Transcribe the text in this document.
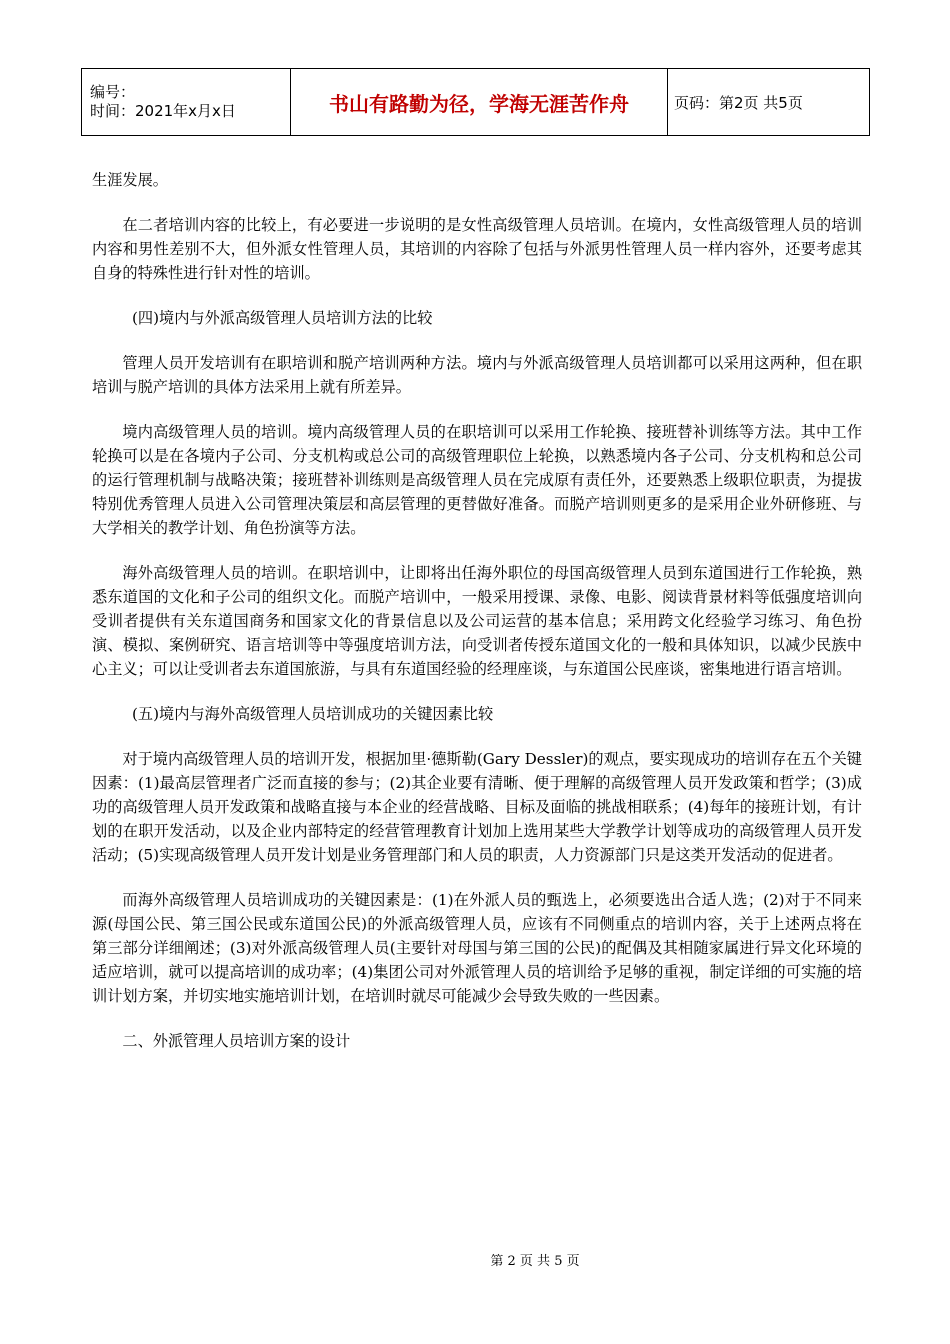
编号：
时间：2021年x月x日	书山有路勤为径，学海无涯苦作舟	页码：第2页 共5页

生涯发展。

在二者培训内容的比较上，有必要进一步说明的是女性高级管理人员培训。在境内，女性高级管理人员的培训内容和男性差别不大，但外派女性管理人员，其培训的内容除了包括与外派男性管理人员一样内容外，还要考虑其自身的特殊性进行针对性的培训。

(四)境内与外派高级管理人员培训方法的比较

管理人员开发培训有在职培训和脱产培训两种方法。境内与外派高级管理人员培训都可以采用这两种，但在职培训与脱产培训的具体方法采用上就有所差异。

境内高级管理人员的培训。境内高级管理人员的在职培训可以采用工作轮换、接班替补训练等方法。其中工作轮换可以是在各境内子公司、分支机构或总公司的高级管理职位上轮换，以熟悉境内各子公司、分支机构和总公司的运行管理机制与战略决策；接班替补训练则是高级管理人员在完成原有责任外，还要熟悉上级职位职责，为提拔特别优秀管理人员进入公司管理决策层和高层管理的更替做好准备。而脱产培训则更多的是采用企业外研修班、与大学相关的教学计划、角色扮演等方法。

海外高级管理人员的培训。在职培训中，让即将出任海外职位的母国高级管理人员到东道国进行工作轮换，熟悉东道国的文化和子公司的组织文化。而脱产培训中，一般采用授课、录像、电影、阅读背景材料等低强度培训向受训者提供有关东道国商务和国家文化的背景信息以及公司运营的基本信息；采用跨文化经验学习练习、角色扮演、模拟、案例研究、语言培训等中等强度培训方法，向受训者传授东道国文化的一般和具体知识，以减少民族中心主义；可以让受训者去东道国旅游，与具有东道国经验的经理座谈，与东道国公民座谈，密集地进行语言培训。

(五)境内与海外高级管理人员培训成功的关键因素比较

对于境内高级管理人员的培训开发，根据加里·德斯勒(Gary Dessler)的观点，要实现成功的培训存在五个关键因素：(1)最高层管理者广泛而直接的参与；(2)其企业要有清晰、便于理解的高级管理人员开发政策和哲学；(3)成功的高级管理人员开发政策和战略直接与本企业的经营战略、目标及面临的挑战相联系；(4)每年的接班计划，有计划的在职开发活动，以及企业内部特定的经营管理教育计划加上选用某些大学教学计划等成功的高级管理人员开发活动；(5)实现高级管理人员开发计划是业务管理部门和人员的职责，人力资源部门只是这类开发活动的促进者。

而海外高级管理人员培训成功的关键因素是：(1)在外派人员的甄选上，必须要选出合适人选；(2)对于不同来源(母国公民、第三国公民或东道国公民)的外派高级管理人员，应该有不同侧重点的培训内容，关于上述两点将在第三部分详细阐述；(3)对外派高级管理人员(主要针对母国与第三国的公民)的配偶及其相随家属进行异文化环境的适应培训，就可以提高培训的成功率；(4)集团公司对外派管理人员的培训给予足够的重视，制定详细的可实施的培训计划方案，并切实地实施培训计划，在培训时就尽可能减少会导致失败的一些因素。

二、外派管理人员培训方案的设计

第 2 页 共 5 页
